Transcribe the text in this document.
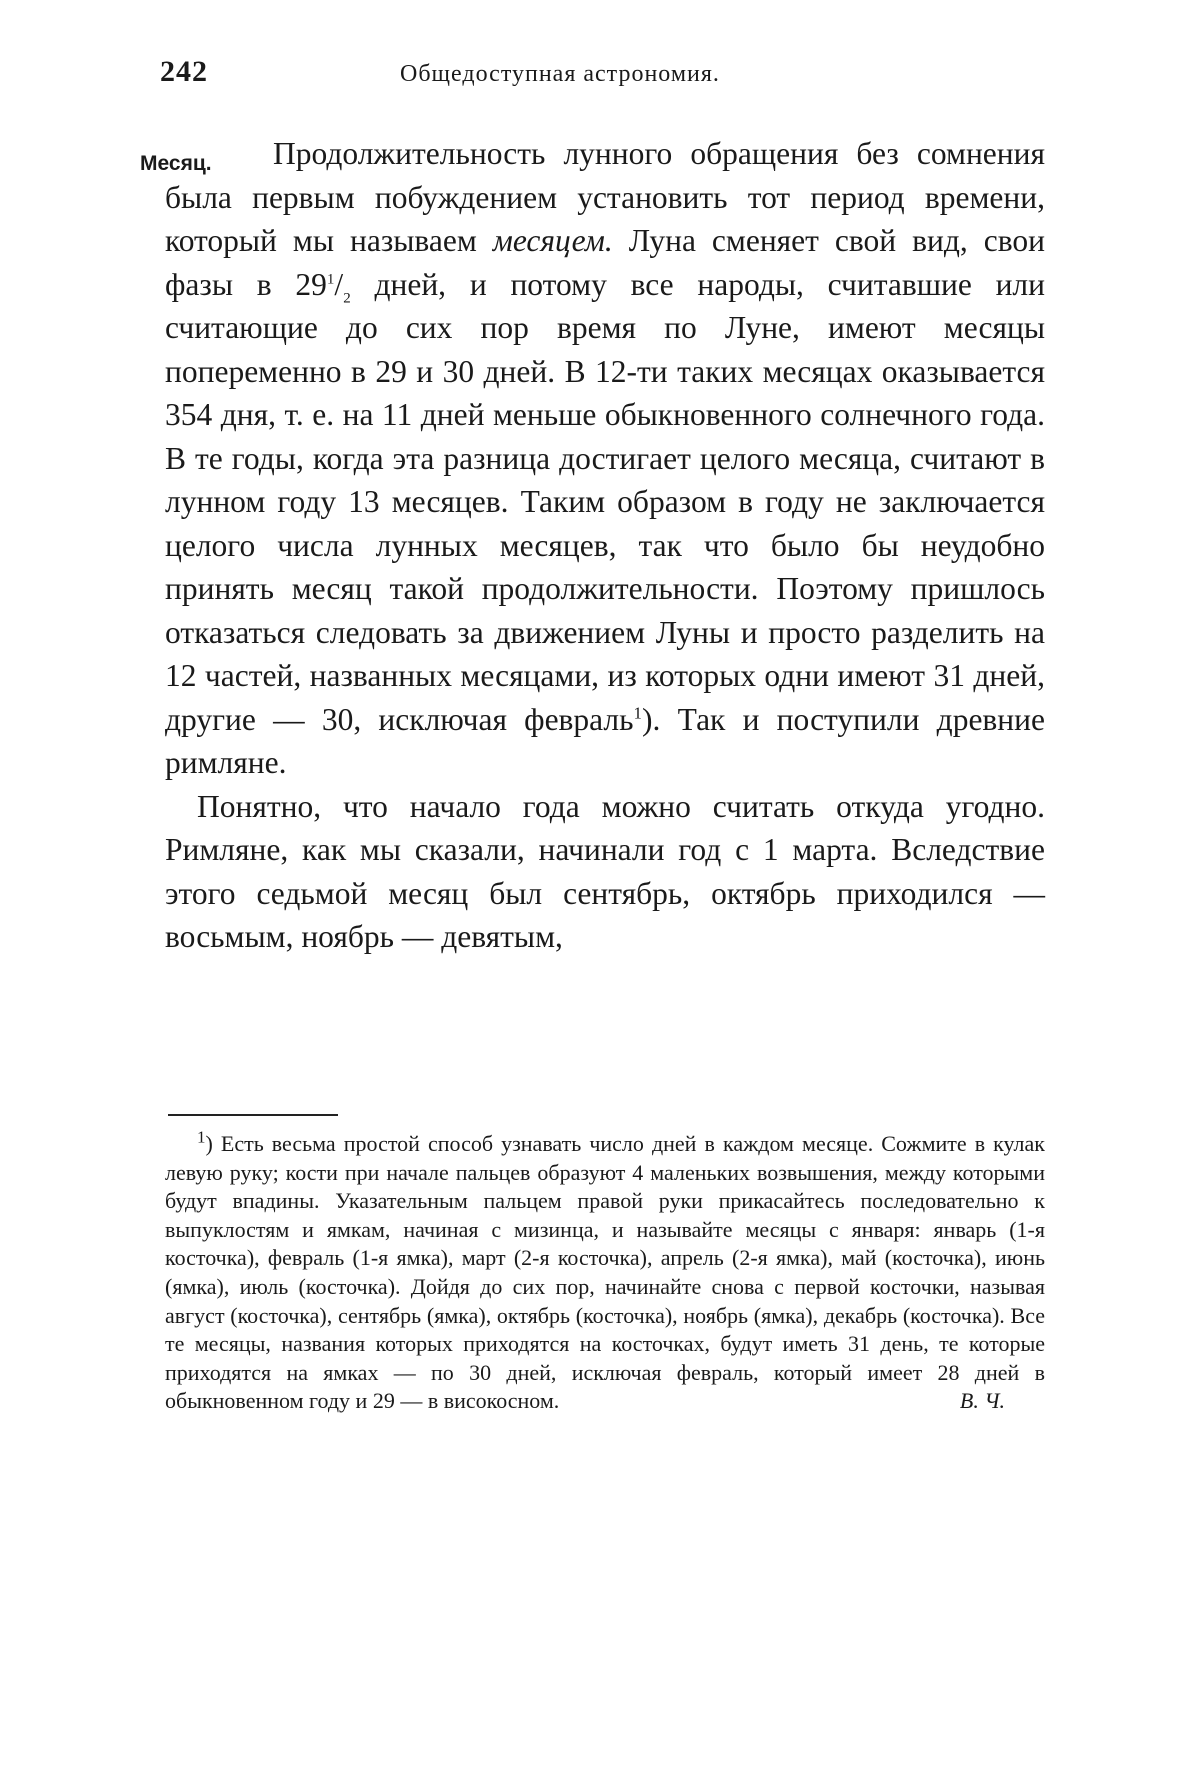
242	Общедоступная астрономия.
Месяц.	Продолжительность лунного обращения без сомнения была первым побуждением установить тот период времени, который мы называем месяцем. Луна сменяет свой вид, свои фазы в $29^1/_2$ дней, и потому все народы, считавшие или считающие до сих пор время по Луне, имеют месяцы попеременно в 29 и 30 дней. В 12-ти таких месяцах оказывается 354 дня, т. е. на 11 дней меньше обыкновенного солнечного года. В те годы, когда эта разница достигает целого месяца, считают в лунном году 13 месяцев. Таким образом в году не заключается целого числа лунных месяцев, так что было бы неудобно принять месяц такой продолжительности. Поэтому пришлось отказаться следовать за движением Луны и просто разделить на 12 частей, названных месяцами, из которых одни имеют 31 дней, другие — 30, исключая февраль$^1$). Так и поступили древние римляне.

Понятно, что начало года можно считать откуда угодно. Римляне, как мы сказали, начинали год с 1 марта. Вследствие этого седьмой месяц был сентябрь, октябрь приходился — восьмым, ноябрь — девятым,

$^1$) Есть весьма простой способ узнавать число дней в каждом месяце. Сожмите в кулак левую руку; кости при начале пальцев образуют 4 маленьких возвышения, между которыми будут впадины. Указательным пальцем правой руки прикасайтесь последовательно к выпуклостям и ямкам, начиная с мизинца, и называйте месяцы с января: январь (1-я косточка), февраль (1-я ямка), март (2-я косточка), апрель (2-я ямка), май (косточка), июнь (ямка), июль (косточка). Дойдя до сих пор, начинайте снова с первой косточки, называя август (косточка), сентябрь (ямка), октябрь (косточка), ноябрь (ямка), декабрь (косточка). Все те месяцы, названия которых приходятся на косточках, будут иметь 31 день, те которые приходятся на ямках — по 30 дней, исключая февраль, который имеет 28 дней в обыкновенном году и 29 — в високосном.	В. Ч.
